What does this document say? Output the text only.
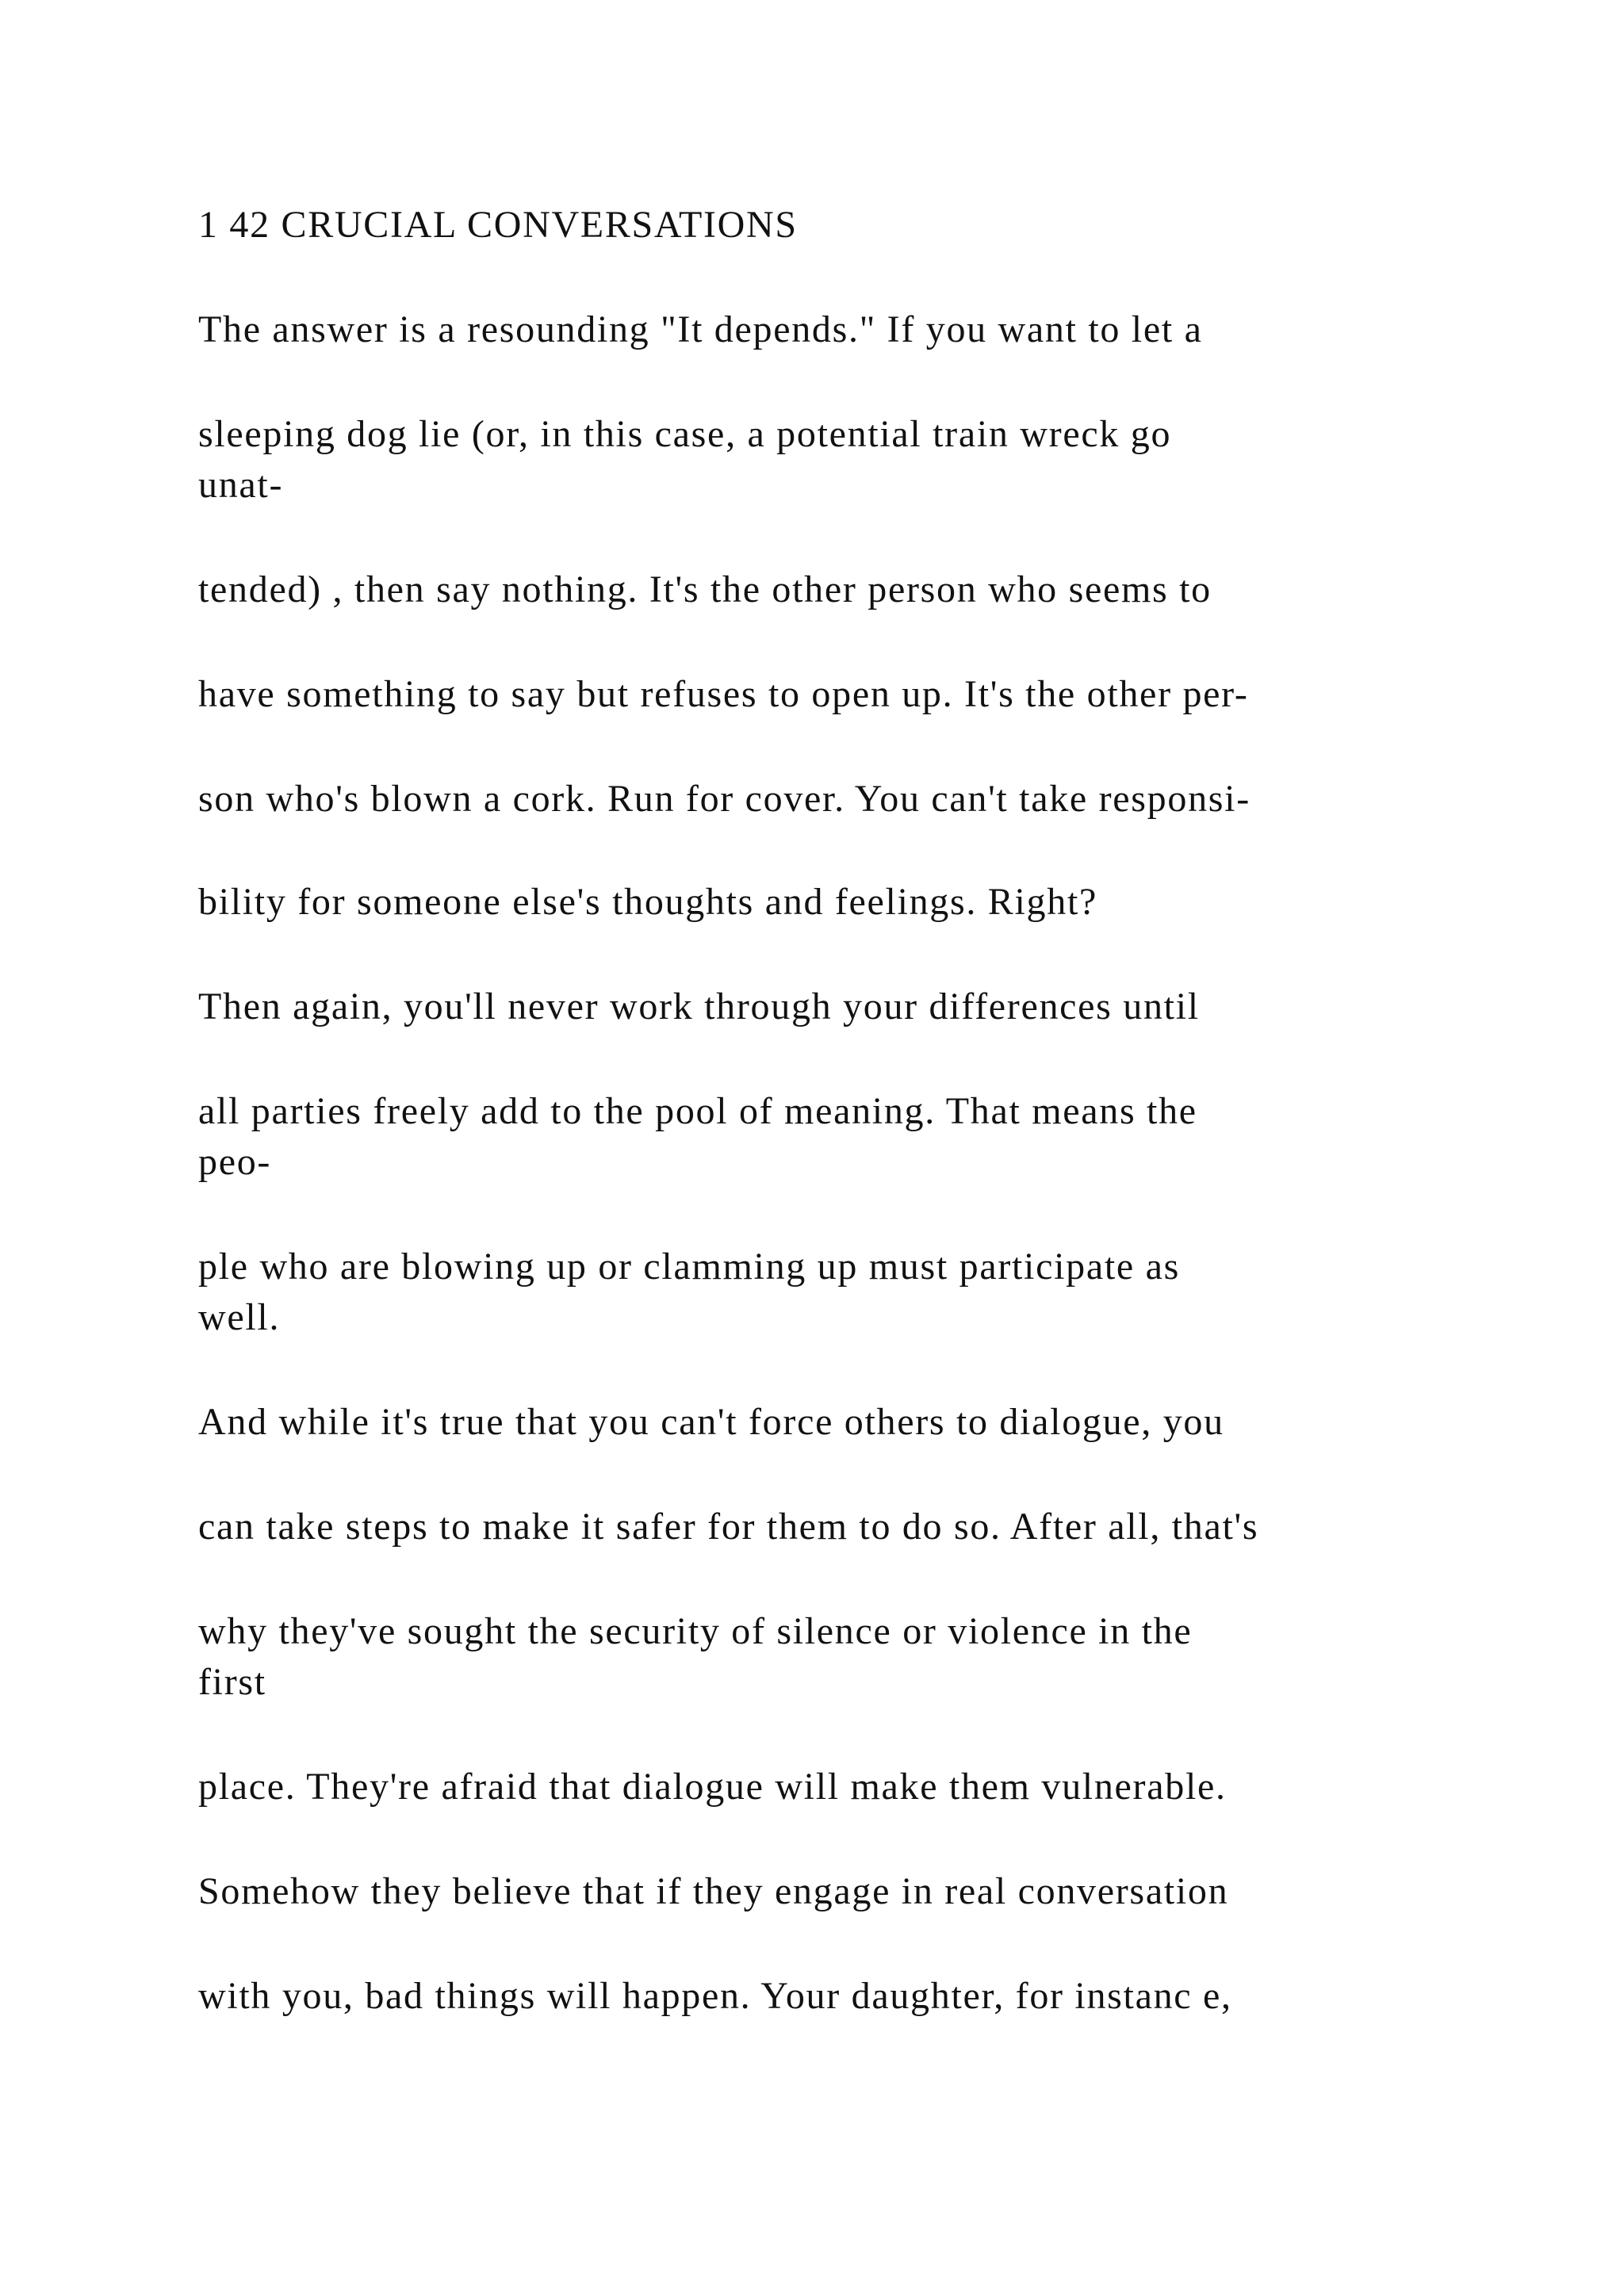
1 42 CRUCIAL CONVERSATIONS

The answer is a resounding "It depends." If you want to let a

sleeping dog lie (or, in this case, a potential train wreck go
unat-

tended) , then say nothing. It's the other person who seems to

have something to say but refuses to open up. It's the other per-

son who's blown a cork. Run for cover. You can't take responsi-

bility for someone else's thoughts and feelings. Right?

Then again, you'll never work through your differences until

all parties freely add to the pool of meaning. That means the
peo-

ple who are blowing up or clamming up must participate as
well.

And while it's true that you can't force others to dialogue, you

can take steps to make it safer for them to do so. After all, that's

why they've sought the security of silence or violence in the
first

place. They're afraid that dialogue will make them vulnerable.

Somehow they believe that if they engage in real conversation

with you, bad things will happen. Your daughter, for instanc e,
